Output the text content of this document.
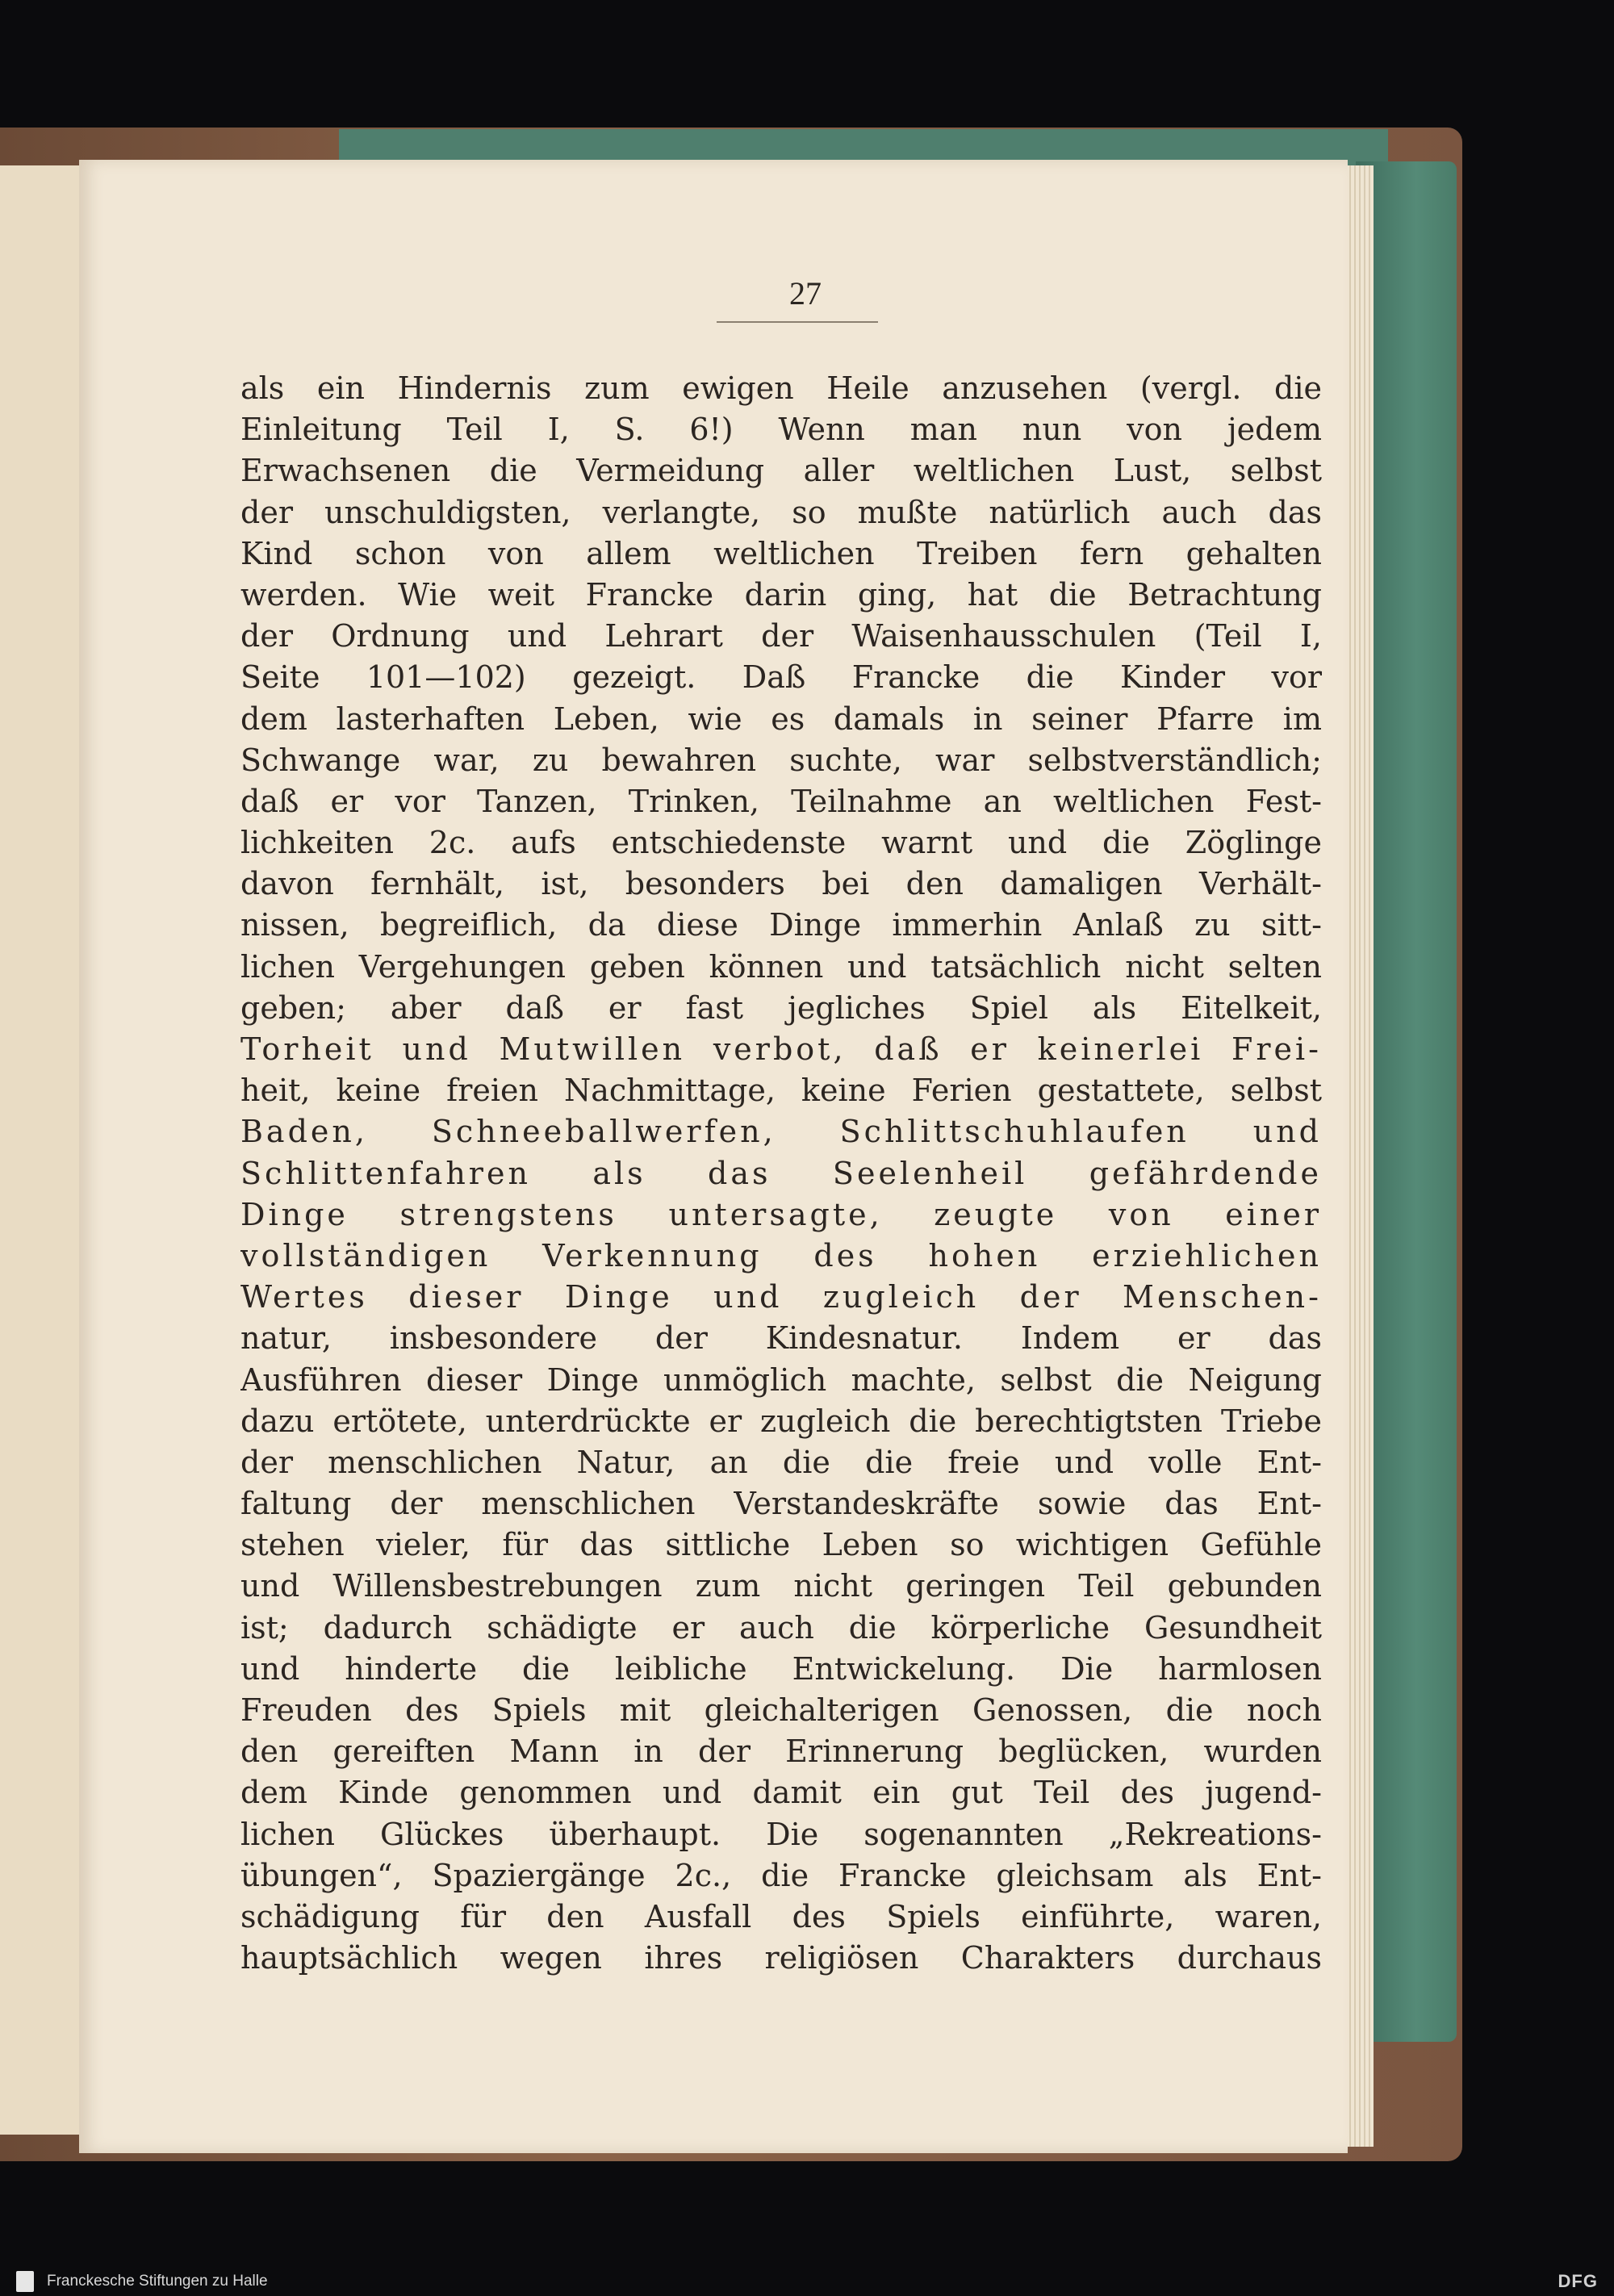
27
als ein Hindernis zum ewigen Heile anzusehen (vergl. die
Einleitung Teil I, S. 6!) Wenn man nun von jedem
Erwachsenen die Vermeidung aller weltlichen Lust, selbst
der unschuldigsten, verlangte, so mußte natürlich auch das
Kind schon von allem weltlichen Treiben fern gehalten
werden. Wie weit Francke darin ging, hat die Betrachtung
der Ordnung und Lehrart der Waisenhausschulen (Teil I,
Seite 101—102) gezeigt. Daß Francke die Kinder vor
dem lasterhaften Leben, wie es damals in seiner Pfarre im
Schwange war, zu bewahren suchte, war selbstverständlich;
daß er vor Tanzen, Trinken, Teilnahme an weltlichen Fest-
lichkeiten 2c. aufs entschiedenste warnt und die Zöglinge
davon fernhält, ist, besonders bei den damaligen Verhält-
nissen, begreiflich, da diese Dinge immerhin Anlaß zu sitt-
lichen Vergehungen geben können und tatsächlich nicht selten
geben; aber daß er fast jegliches Spiel als Eitelkeit,
Torheit und Mutwillen verbot, daß er keinerlei Frei-
heit, keine freien Nachmittage, keine Ferien gestattete, selbst
Baden, Schneeballwerfen, Schlittschuhlaufen und
Schlittenfahren als das Seelenheil gefährdende
Dinge strengstens untersagte, zeugte von einer
vollständigen Verkennung des hohen erziehlichen
Wertes dieser Dinge und zugleich der Menschen-
natur, insbesondere der Kindesnatur. Indem er das
Ausführen dieser Dinge unmöglich machte, selbst die Neigung
dazu ertötete, unterdrückte er zugleich die berechtigtsten Triebe
der menschlichen Natur, an die die freie und volle Ent-
faltung der menschlichen Verstandeskräfte sowie das Ent-
stehen vieler, für das sittliche Leben so wichtigen Gefühle
und Willensbestrebungen zum nicht geringen Teil gebunden
ist; dadurch schädigte er auch die körperliche Gesundheit
und hinderte die leibliche Entwickelung. Die harmlosen
Freuden des Spiels mit gleichalterigen Genossen, die noch
den gereiften Mann in der Erinnerung beglücken, wurden
dem Kinde genommen und damit ein gut Teil des jugend-
lichen Glückes überhaupt. Die sogenannten „Rekreations-
übungen“, Spaziergänge 2c., die Francke gleichsam als Ent-
schädigung für den Ausfall des Spiels einführte, waren,
hauptsächlich wegen ihres religiösen Charakters durchaus
Franckesche Stiftungen zu Halle	DFG
